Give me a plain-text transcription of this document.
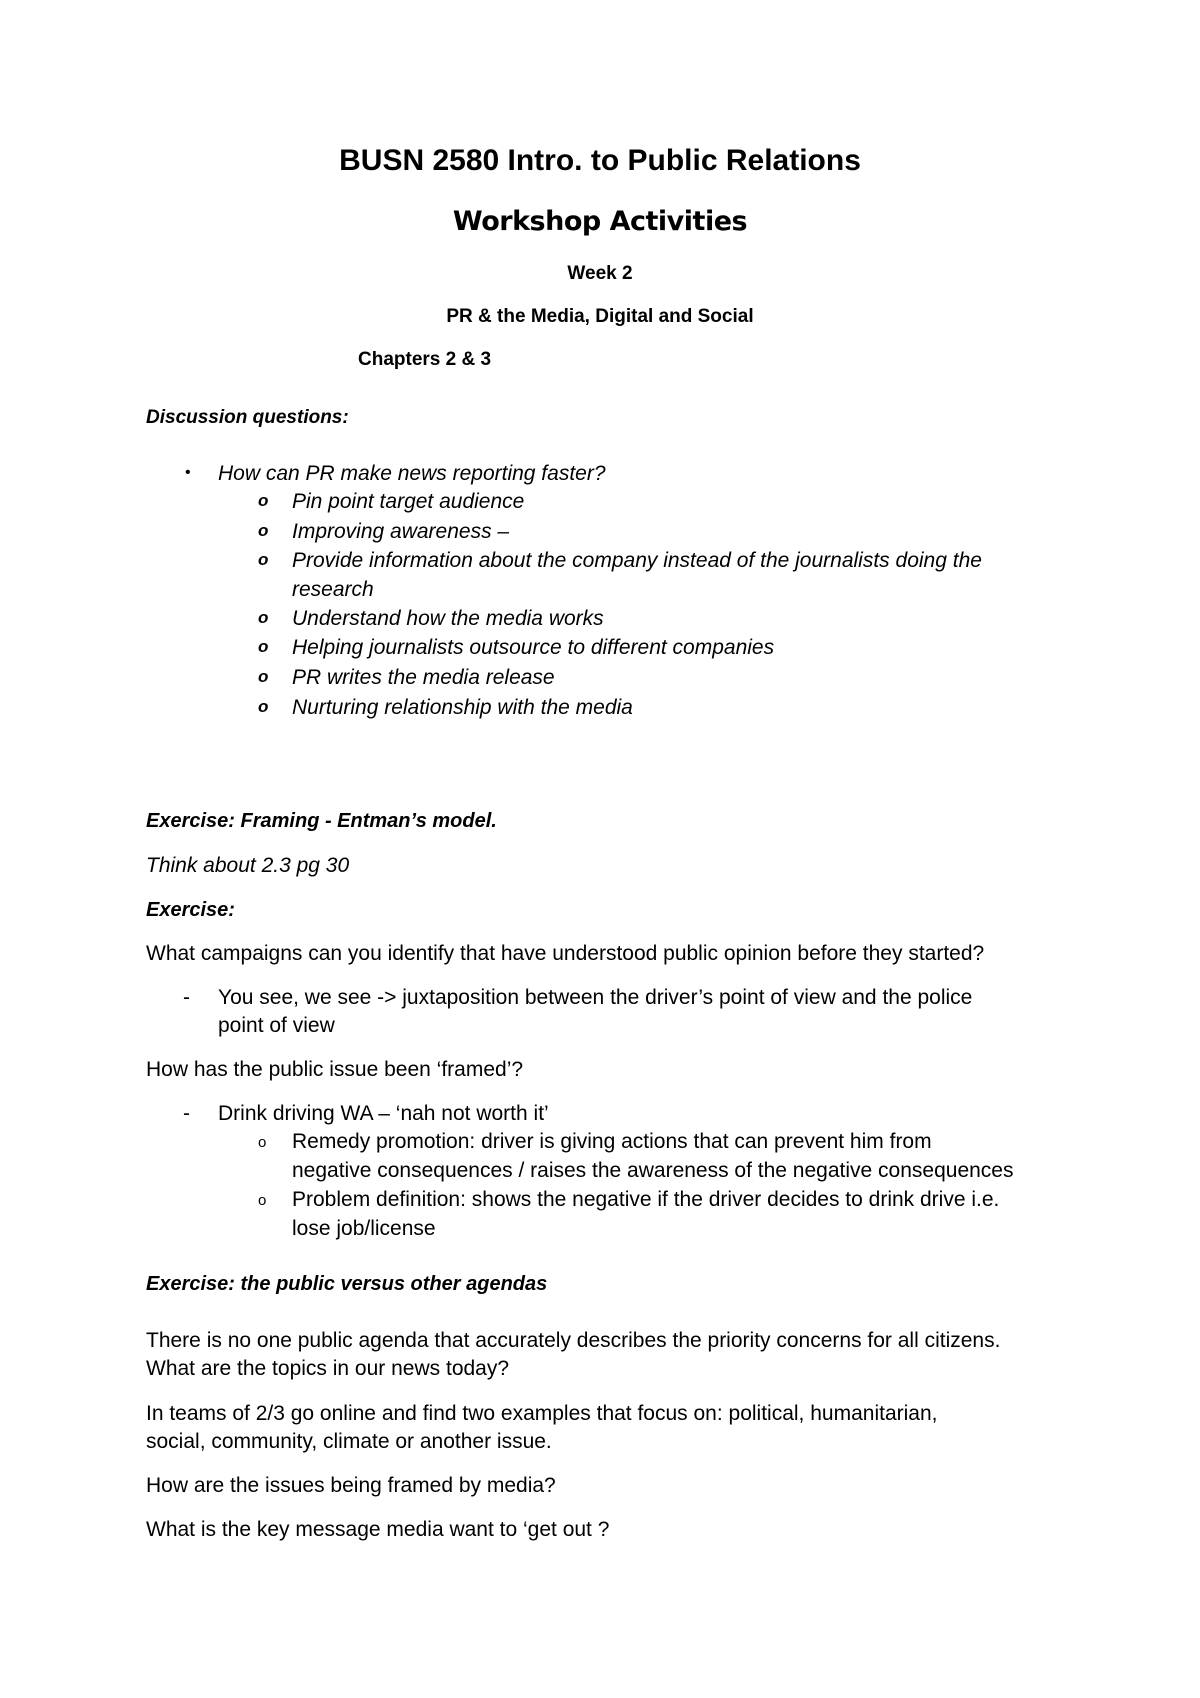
BUSN 2580 Intro. to Public Relations
Workshop Activities
Week 2
PR & the Media, Digital and Social
Chapters 2 & 3
Discussion questions:
• How can PR make news reporting faster?
o Pin point target audience
o Improving awareness –
o Provide information about the company instead of the journalists doing the
research
o Understand how the media works
o Helping journalists outsource to different companies
o PR writes the media release
o Nurturing relationship with the media
Exercise: Framing - Entman’s model.
Think about 2.3 pg 30
Exercise:
What campaigns can you identify that have understood public opinion before they started?
- You see, we see -> juxtaposition between the driver’s point of view and the police
point of view
How has the public issue been ‘framed’?
- Drink driving WA – ‘nah not worth it’
o Remedy promotion: driver is giving actions that can prevent him from
negative consequences / raises the awareness of the negative consequences
o Problem definition: shows the negative if the driver decides to drink drive i.e.
lose job/license
Exercise: the public versus other agendas
There is no one public agenda that accurately describes the priority concerns for all citizens.
What are the topics in our news today?
In teams of 2/3 go online and find two examples that focus on: political, humanitarian,
social, community, climate or another issue.
How are the issues being framed by media?
What is the key message media want to ‘get out ?
